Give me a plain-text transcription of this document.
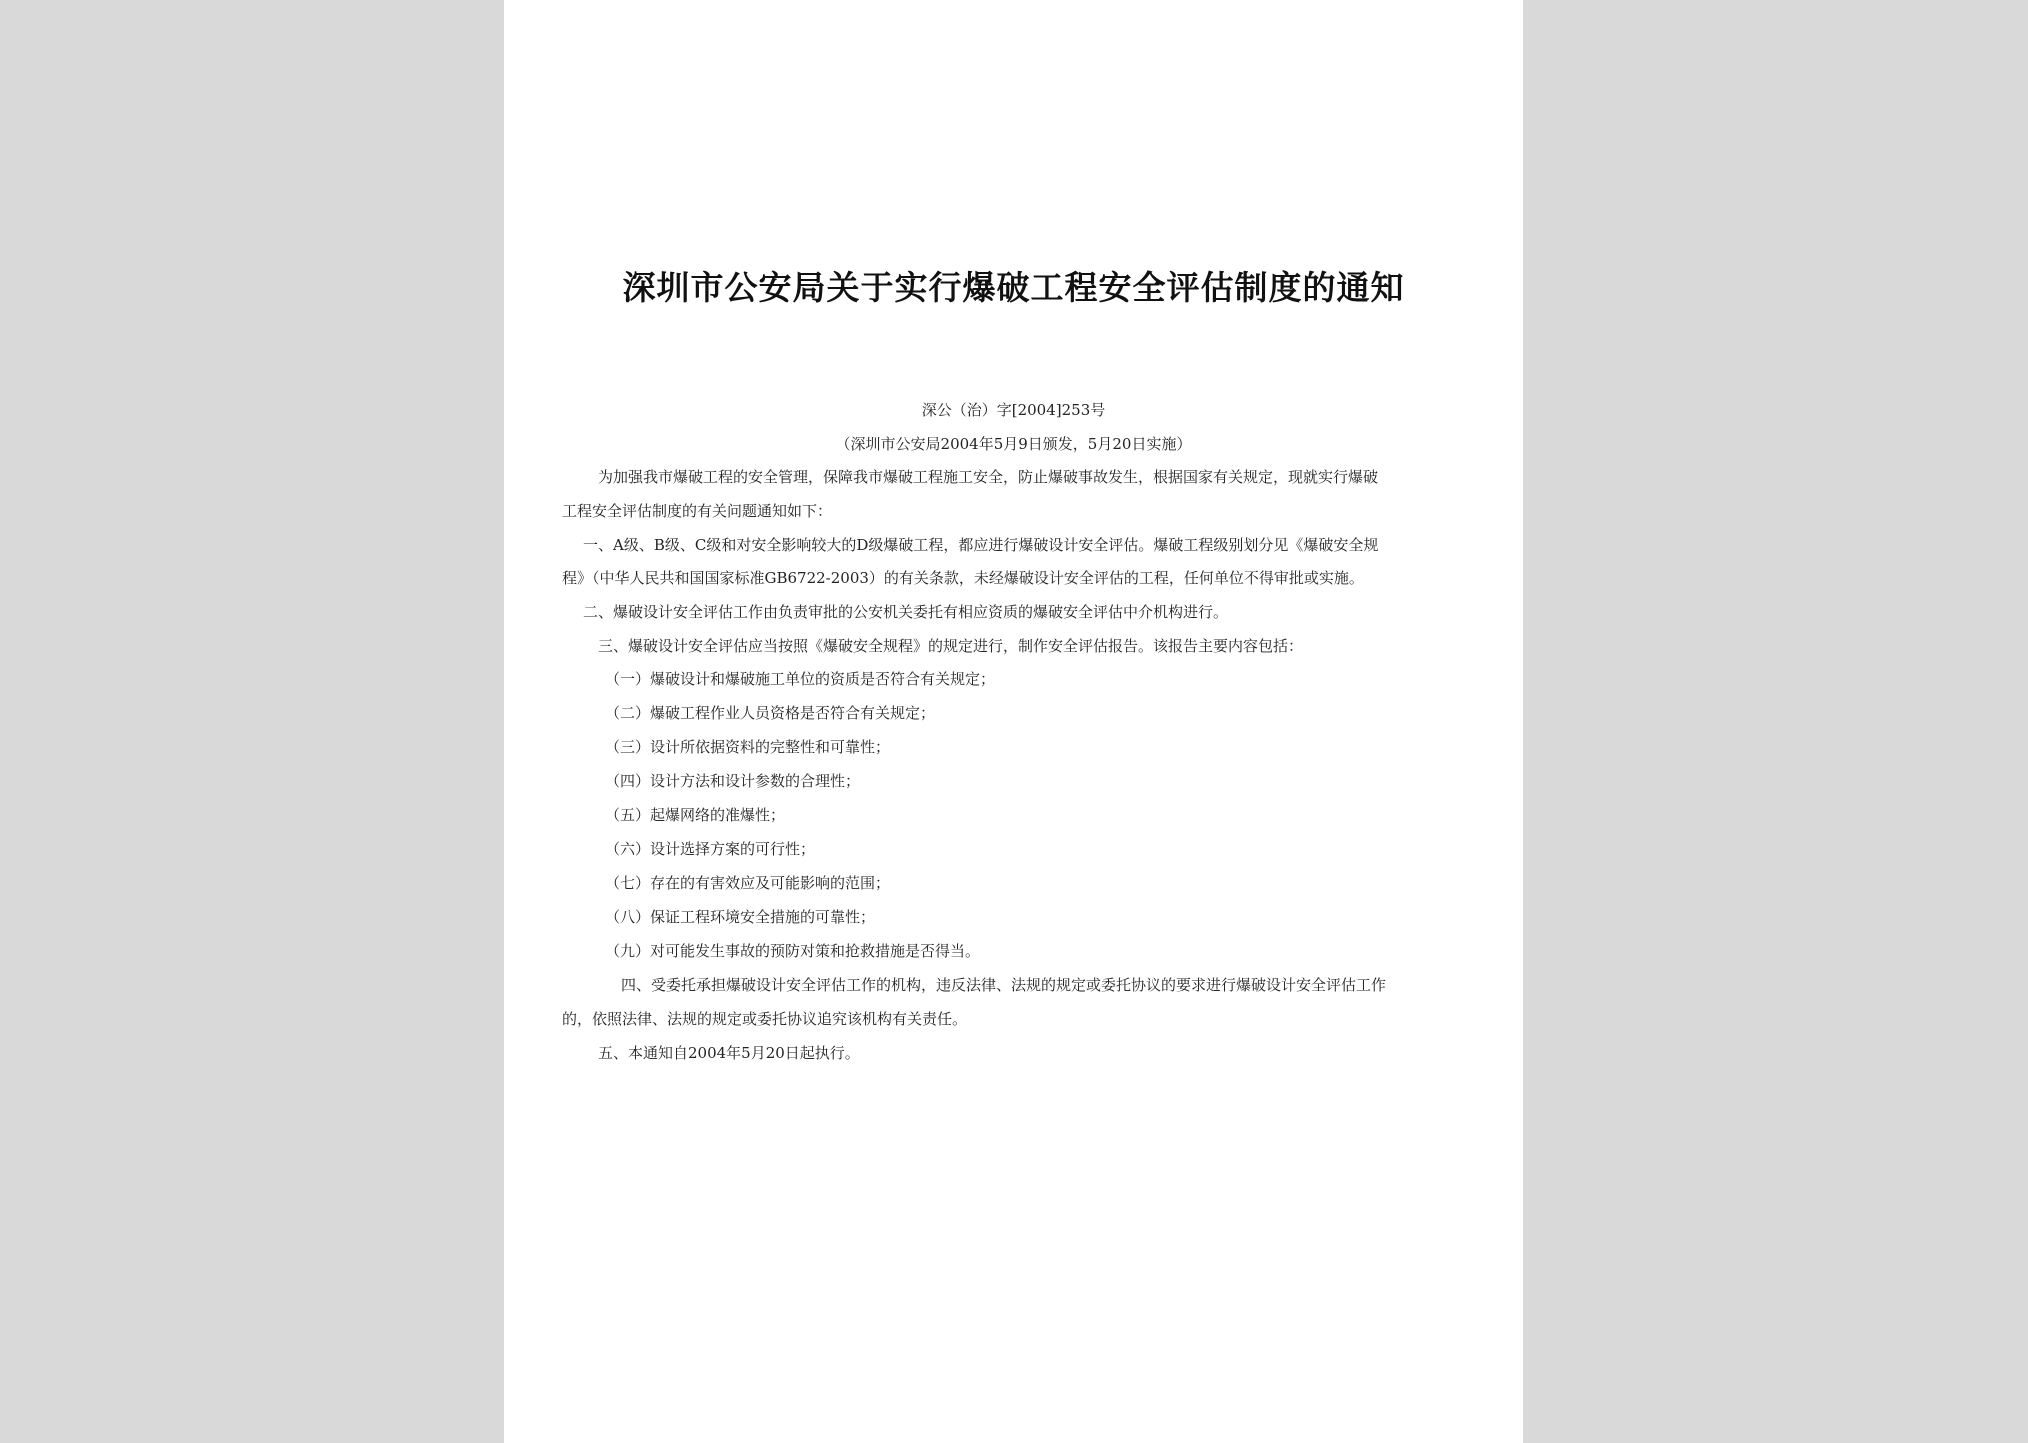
深圳市公安局关于实行爆破工程安全评估制度的通知
深公（治）字[2004]253号
（深圳市公安局2004年5月9日颁发，5月20日实施）
为加强我市爆破工程的安全管理，保障我市爆破工程施工安全，防止爆破事故发生，根据国家有关规定，现就实行爆破
工程安全评估制度的有关问题通知如下：
一、A级、B级、C级和对安全影响较大的D级爆破工程，都应进行爆破设计安全评估。爆破工程级别划分见《爆破安全规
程》（中华人民共和国国家标准GB6722-2003）的有关条款，未经爆破设计安全评估的工程，任何单位不得审批或实施。
二、爆破设计安全评估工作由负责审批的公安机关委托有相应资质的爆破安全评估中介机构进行。
三、爆破设计安全评估应当按照《爆破安全规程》的规定进行，制作安全评估报告。该报告主要内容包括：
（一）爆破设计和爆破施工单位的资质是否符合有关规定；
（二）爆破工程作业人员资格是否符合有关规定；
（三）设计所依据资料的完整性和可靠性；
（四）设计方法和设计参数的合理性；
（五）起爆网络的准爆性；
（六）设计选择方案的可行性；
（七）存在的有害效应及可能影响的范围；
（八）保证工程环境安全措施的可靠性；
（九）对可能发生事故的预防对策和抢救措施是否得当。
四、受委托承担爆破设计安全评估工作的机构，违反法律、法规的规定或委托协议的要求进行爆破设计安全评估工作
的，依照法律、法规的规定或委托协议追究该机构有关责任。
五、本通知自2004年5月20日起执行。
